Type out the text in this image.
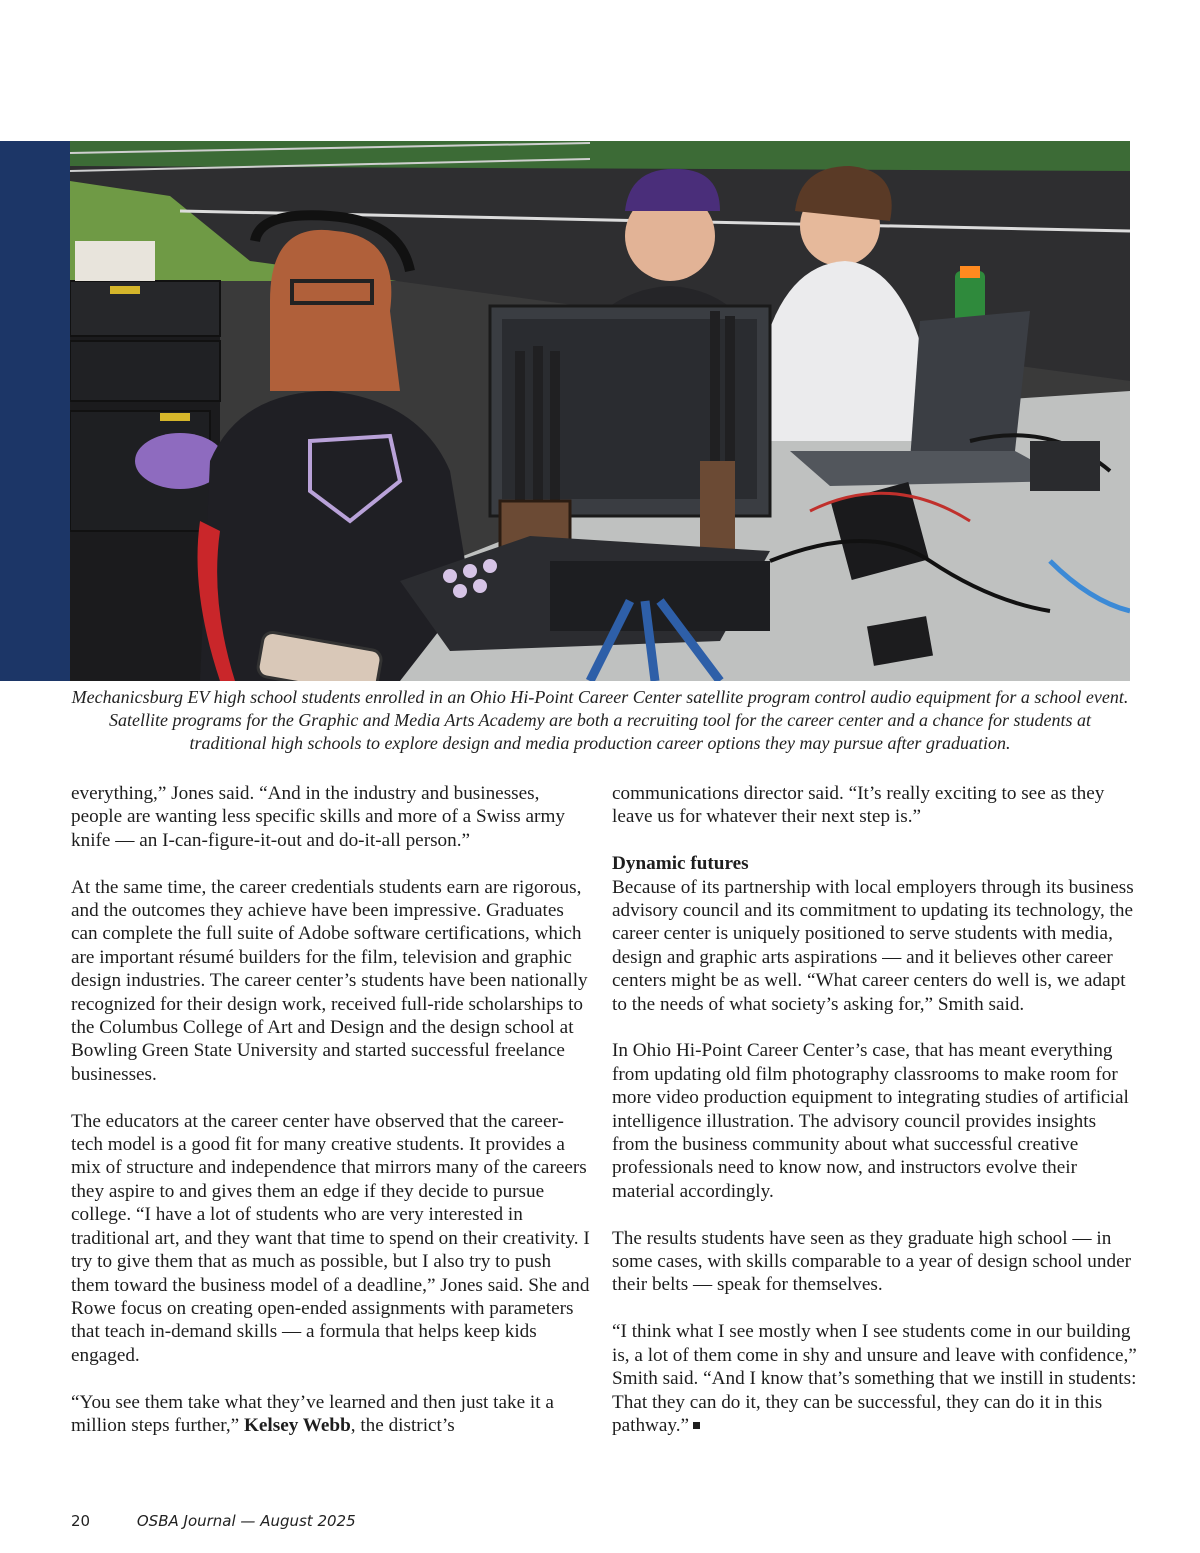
Mechanicsburg EV high school students enrolled in an Ohio Hi-Point Career Center satellite program control audio equipment for a school event. Satellite programs for the Graphic and Media Arts Academy are both a recruiting tool for the career center and a chance for students at traditional high schools to explore design and media production career options they may pursue after graduation.

everything,” Jones said. “And in the industry and businesses, people are wanting less specific skills and more of a Swiss army knife — an I-can-figure-it-out and do-it-all person.”

At the same time, the career credentials students earn are rigorous, and the outcomes they achieve have been impressive. Graduates can complete the full suite of Adobe software certifications, which are important résumé builders for the film, television and graphic design industries. The career center’s students have been nationally recognized for their design work, received full-ride scholarships to the Columbus College of Art and Design and the design school at Bowling Green State University and started successful freelance businesses.

The educators at the career center have observed that the career-tech model is a good fit for many creative students. It provides a mix of structure and independence that mirrors many of the careers they aspire to and gives them an edge if they decide to pursue college. “I have a lot of students who are very interested in traditional art, and they want that time to spend on their creativity. I try to give them that as much as possible, but I also try to push them toward the business model of a deadline,” Jones said. She and Rowe focus on creating open-ended assignments with parameters that teach in-demand skills — a formula that helps keep kids engaged.

“You see them take what they’ve learned and then just take it a million steps further,” Kelsey Webb, the district’s

communications director said. “It’s really exciting to see as they leave us for whatever their next step is.”

Dynamic futures

Because of its partnership with local employers through its business advisory council and its commitment to updating its technology, the career center is uniquely positioned to serve students with media, design and graphic arts aspirations — and it believes other career centers might be as well. “What career centers do well is, we adapt to the needs of what society’s asking for,” Smith said.

In Ohio Hi-Point Career Center’s case, that has meant everything from updating old film photography classrooms to make room for more video production equipment to integrating studies of artificial intelligence illustration. The advisory council provides insights from the business community about what successful creative professionals need to know now, and instructors evolve their material accordingly.

The results students have seen as they graduate high school — in some cases, with skills comparable to a year of design school under their belts — speak for themselves.

“I think what I see mostly when I see students come in our building is, a lot of them come in shy and unsure and leave with confidence,” Smith said. “And I know that’s something that we instill in students: That they can do it, they can be successful, they can do it in this pathway.”

20	OSBA Journal — August 2025
